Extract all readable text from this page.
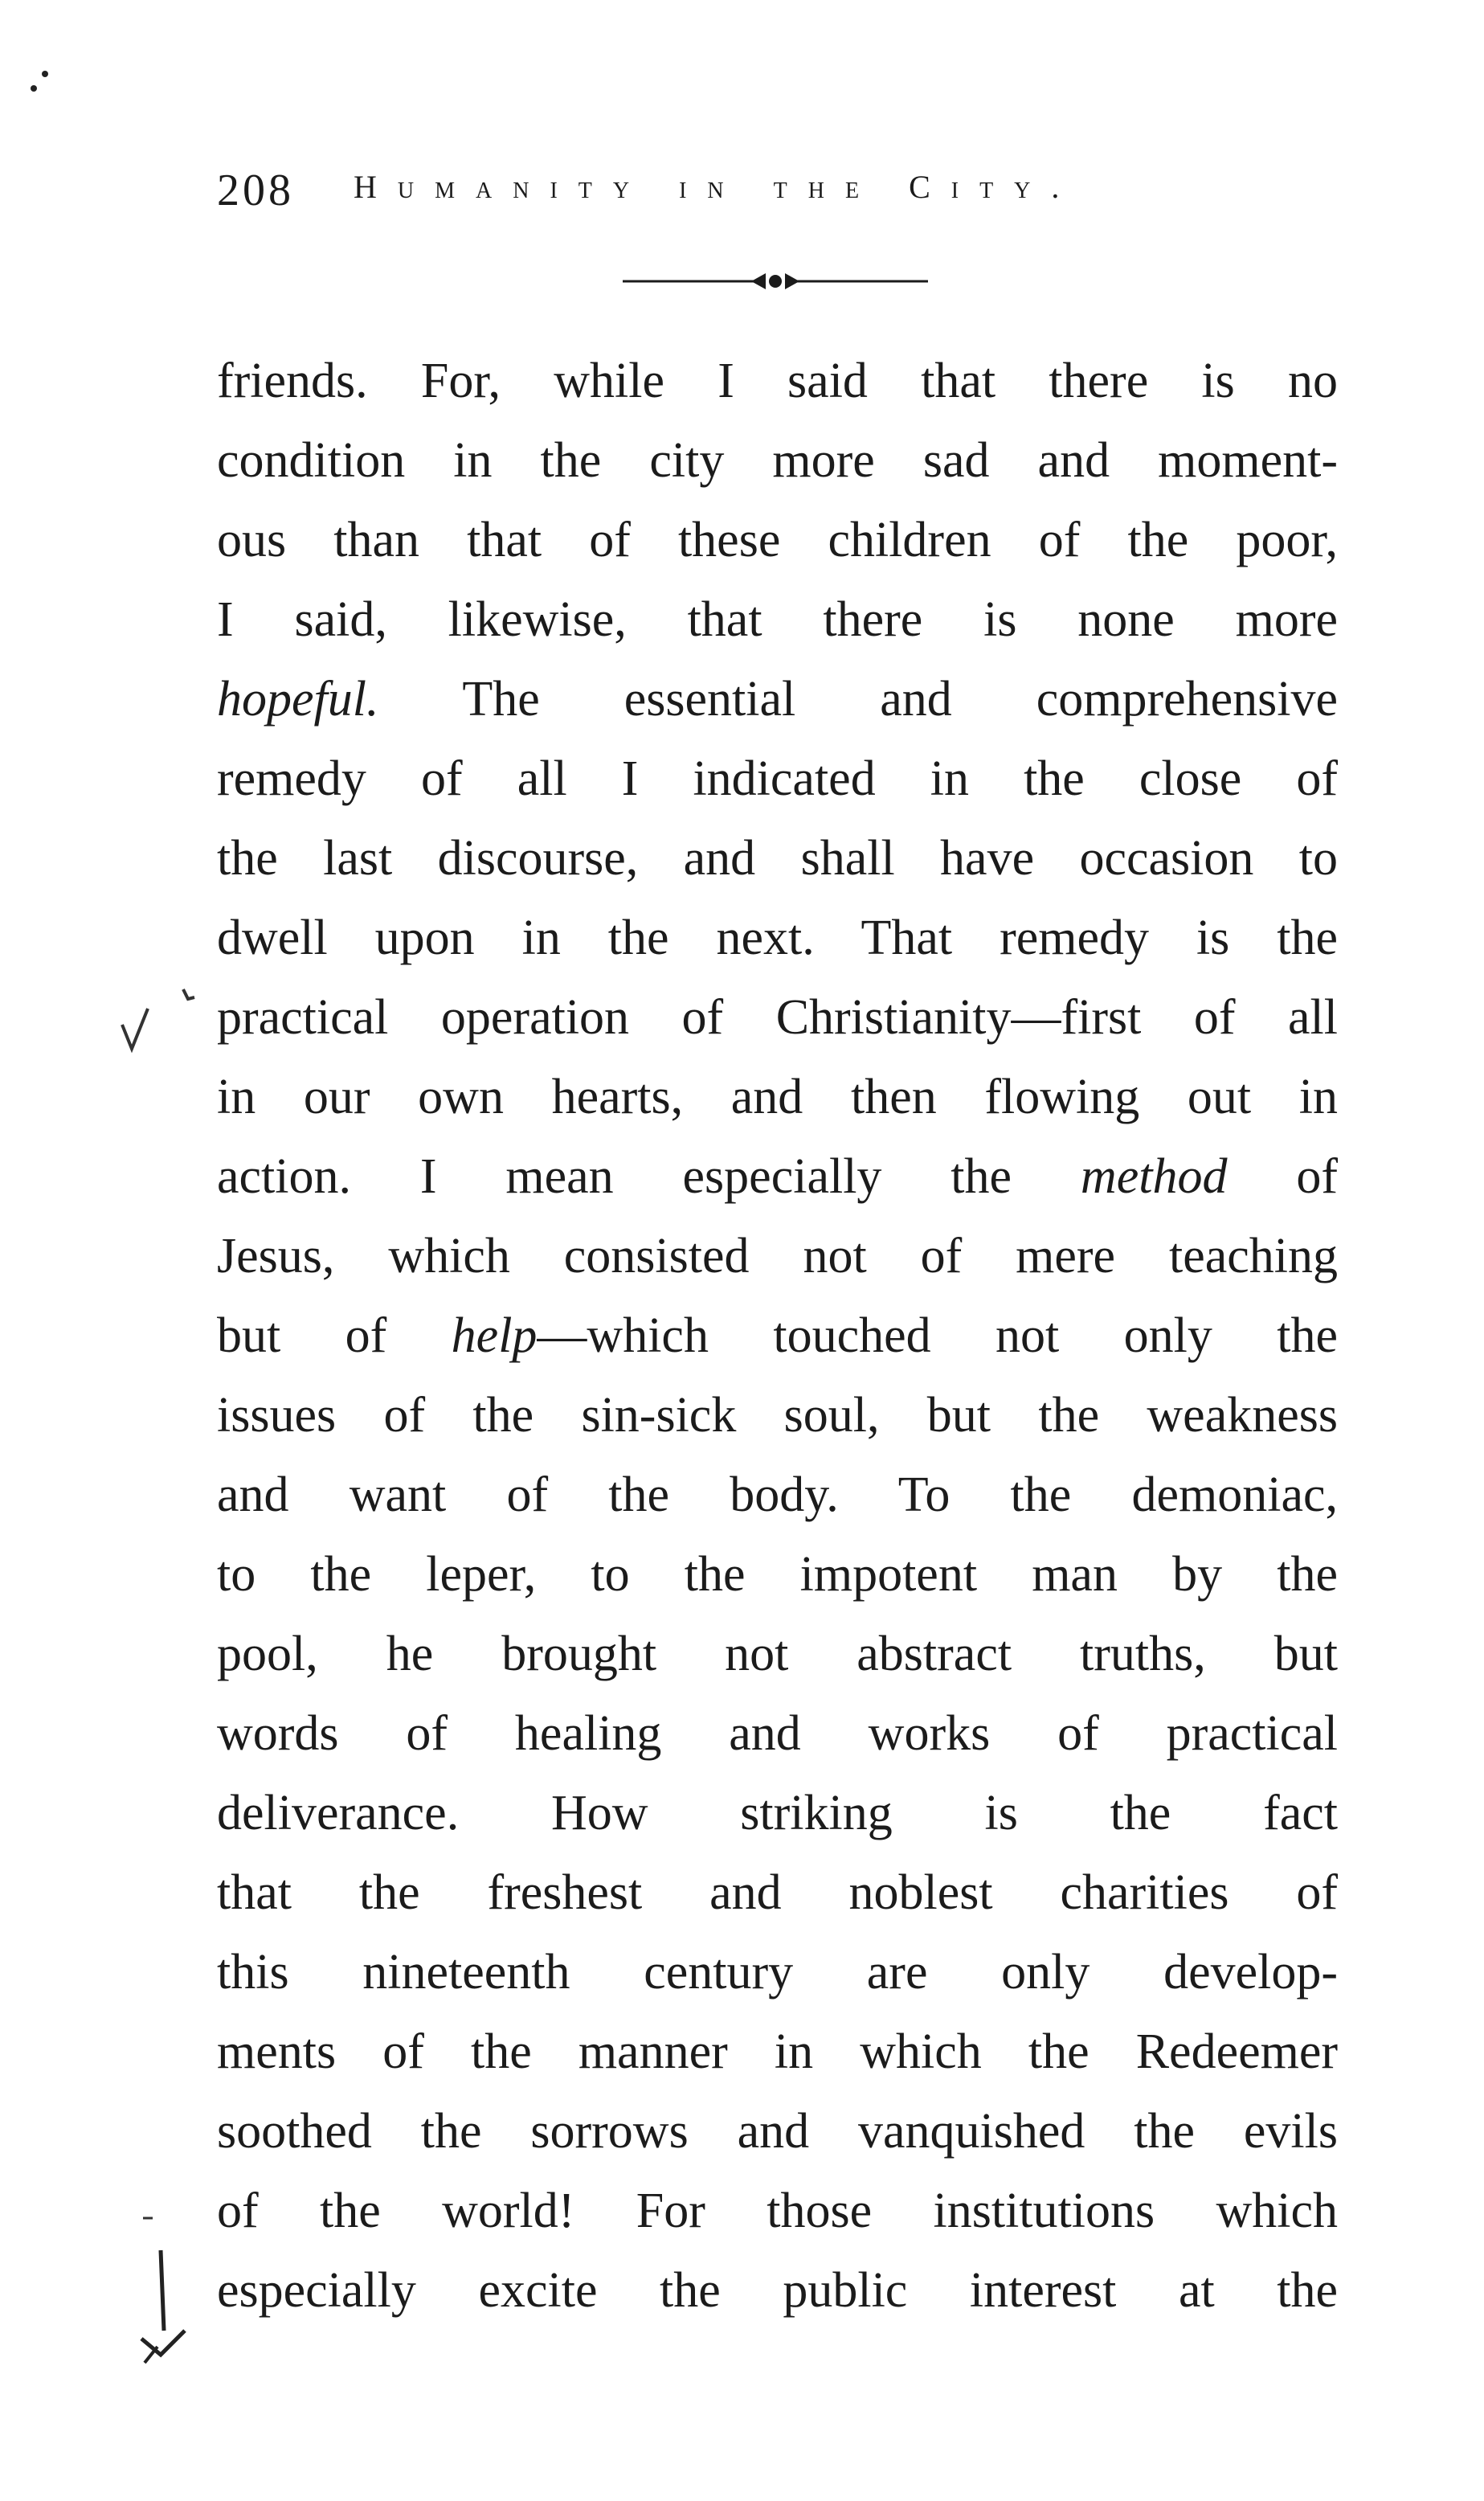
208 Humanity in the City.
friends. For, while I said that there is no
condition in the city more sad and moment-
ous than that of these children of the poor,
I said, likewise, that there is none more
hopeful. The essential and comprehensive
remedy of all I indicated in the close of
the last discourse, and shall have occasion to
dwell upon in the next. That remedy is the
practical operation of Christianity—first of all
in our own hearts, and then flowing out in
action. I mean especially the method of
Jesus, which consisted not of mere teaching
but of help—which touched not only the
issues of the sin-sick soul, but the weakness
and want of the body. To the demoniac,
to the leper, to the impotent man by the
pool, he brought not abstract truths, but
words of healing and works of practical
deliverance. How striking is the fact
that the freshest and noblest charities of
this nineteenth century are only develop-
ments of the manner in which the Redeemer
soothed the sorrows and vanquished the evils
of the world! For those institutions which
especially excite the public interest at the
